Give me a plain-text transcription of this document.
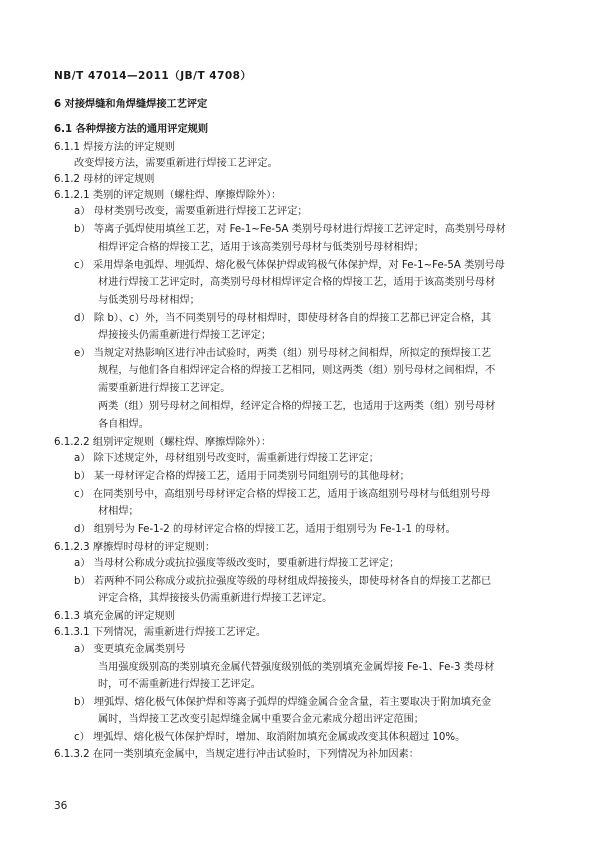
NB/T 47014—2011（JB/T 4708）
6 对接焊缝和角焊缝焊接工艺评定
6.1 各种焊接方法的通用评定规则
6.1.1 焊接方法的评定规则
改变焊接方法，需要重新进行焊接工艺评定。
6.1.2 母材的评定规则
6.1.2.1 类别的评定规则（螺柱焊、摩擦焊除外）：
a） 母材类别号改变，需要重新进行焊接工艺评定；
b） 等离子弧焊使用填丝工艺，对 Fe-1~Fe-5A 类别号母材进行焊接工艺评定时，高类别号母材
相焊评定合格的焊接工艺，适用于该高类别号母材与低类别号母材相焊；
c） 采用焊条电弧焊、埋弧焊、熔化极气体保护焊或钨极气体保护焊，对 Fe-1~Fe-5A 类别号母
材进行焊接工艺评定时，高类别号母材相焊评定合格的焊接工艺，适用于该高类别号母材
与低类别号母材相焊；
d） 除 b）、c）外，当不同类别号的母材相焊时，即使母材各自的焊接工艺都已评定合格，其
焊接接头仍需重新进行焊接工艺评定；
e） 当规定对热影响区进行冲击试验时，两类（组）别号母材之间相焊，所拟定的预焊接工艺
规程，与他们各自相焊评定合格的焊接工艺相同，则这两类（组）别号母材之间相焊，不
需要重新进行焊接工艺评定。
两类（组）别号母材之间相焊，经评定合格的焊接工艺，也适用于这两类（组）别号母材
各自相焊。
6.1.2.2 组别评定规则（螺柱焊、摩擦焊除外）：
a） 除下述规定外，母材组别号改变时，需重新进行焊接工艺评定；
b） 某一母材评定合格的焊接工艺，适用于同类别号同组别号的其他母材；
c） 在同类别号中，高组别号母材评定合格的焊接工艺，适用于该高组别号母材与低组别号母
材相焊；
d） 组别号为 Fe-1-2 的母材评定合格的焊接工艺，适用于组别号为 Fe-1-1 的母材。
6.1.2.3 摩擦焊时母材的评定规则：
a） 当母材公称成分或抗拉强度等级改变时，要重新进行焊接工艺评定；
b） 若两种不同公称成分或抗拉强度等级的母材组成焊接接头，即使母材各自的焊接工艺都已
评定合格，其焊接接头仍需重新进行焊接工艺评定。
6.1.3 填充金属的评定规则
6.1.3.1 下列情况，需重新进行焊接工艺评定。
a） 变更填充金属类别号
当用强度级别高的类别填充金属代替强度级别低的类别填充金属焊接 Fe-1、Fe-3 类母材
时，可不需重新进行焊接工艺评定。
b） 埋弧焊、熔化极气体保护焊和等离子弧焊的焊缝金属合金含量，若主要取决于附加填充金
属时，当焊接工艺改变引起焊缝金属中重要合金元素成分超出评定范围；
c） 埋弧焊、熔化极气体保护焊时，增加、取消附加填充金属或改变其体积超过 10%。
6.1.3.2 在同一类别填充金属中，当规定进行冲击试验时，下列情况为补加因素：
36
